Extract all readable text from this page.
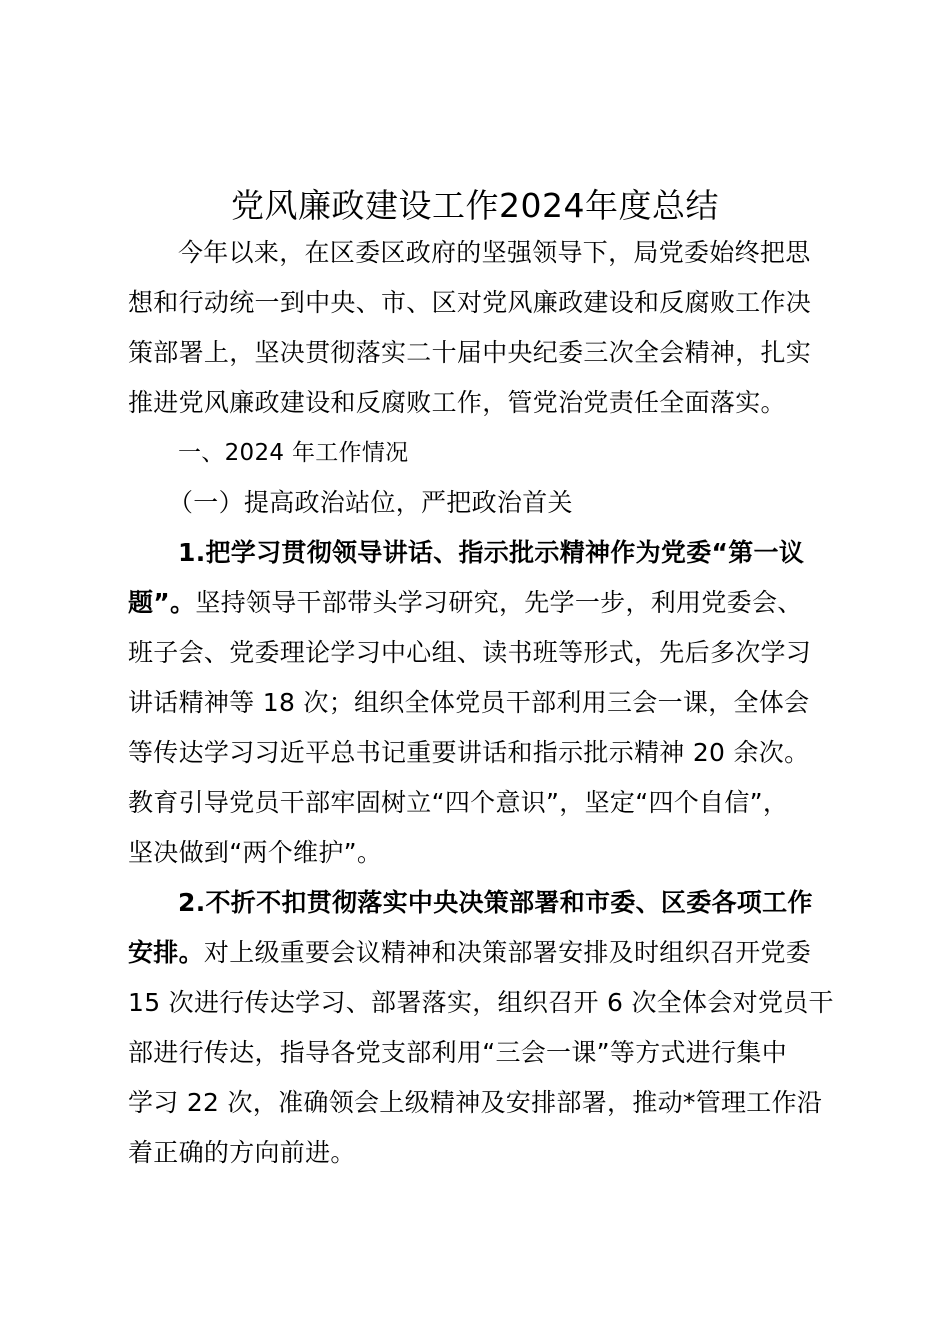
党风廉政建设工作2024年度总结
今年以来，在区委区政府的坚强领导下，局党委始终把思
想和行动统一到中央、市、区对党风廉政建设和反腐败工作决
策部署上，坚决贯彻落实二十届中央纪委三次全会精神，扎实
推进党风廉政建设和反腐败工作，管党治党责任全面落实。
一、2024 年工作情况
（一）提高政治站位，严把政治首关
1.把学习贯彻领导讲话、指示批示精神作为党委“第一议
题”。坚持领导干部带头学习研究，先学一步，利用党委会、
班子会、党委理论学习中心组、读书班等形式，先后多次学习
讲话精神等 18 次；组织全体党员干部利用三会一课，全体会
等传达学习习近平总书记重要讲话和指示批示精神 20 余次。
教育引导党员干部牢固树立“四个意识”，坚定“四个自信”，
坚决做到“两个维护”。
2.不折不扣贯彻落实中央决策部署和市委、区委各项工作
安排。对上级重要会议精神和决策部署安排及时组织召开党委
15 次进行传达学习、部署落实，组织召开 6 次全体会对党员干
部进行传达，指导各党支部利用“三会一课”等方式进行集中
学习 22 次，准确领会上级精神及安排部署，推动*管理工作沿
着正确的方向前进。
